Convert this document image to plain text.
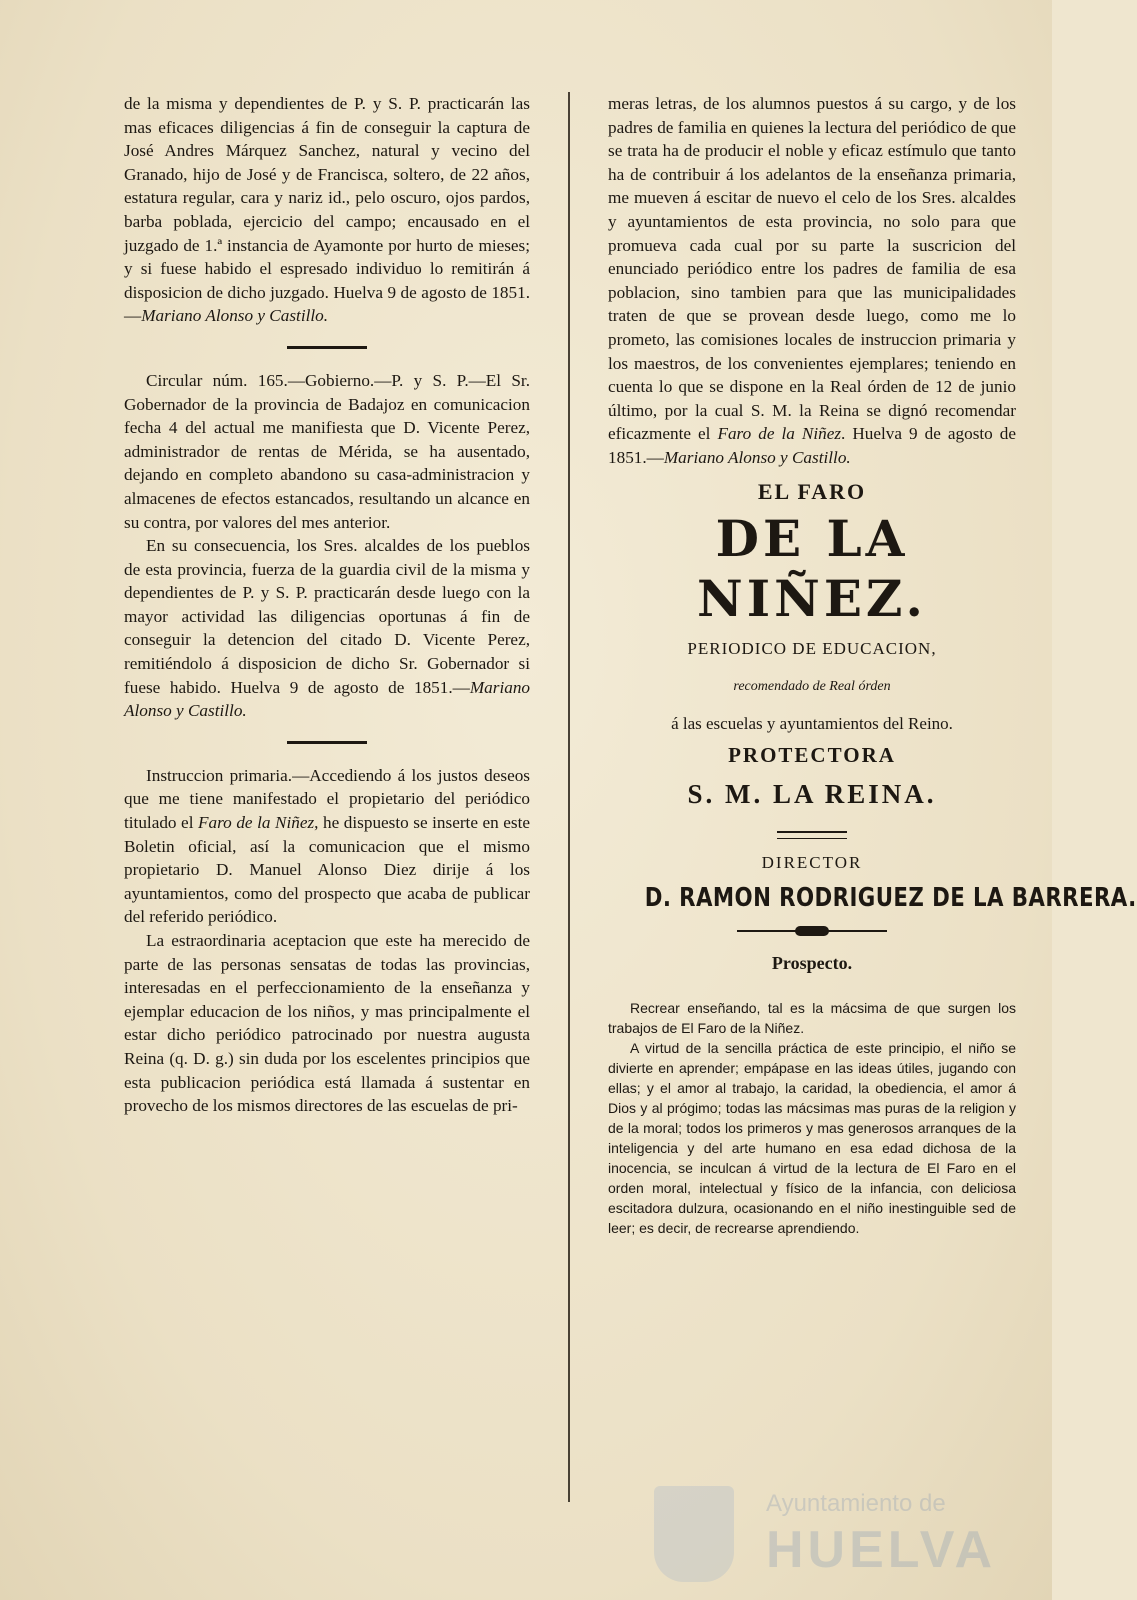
de la misma y dependientes de P. y S. P. practicarán las mas eficaces diligencias á fin de conseguir la captura de José Andres Márquez Sanchez, natural y vecino del Granado, hijo de José y de Francisca, soltero, de 22 años, estatura regular, cara y nariz id., pelo oscuro, ojos pardos, barba poblada, ejercicio del campo; encausado en el juzgado de 1.ª instancia de Ayamonte por hurto de mieses; y si fuese habido el espresado individuo lo remitirán á disposicion de dicho juzgado. Huelva 9 de agosto de 1851.—Mariano Alonso y Castillo.

Circular núm. 165.—Gobierno.—P. y S. P.—El Sr. Gobernador de la provincia de Badajoz en comunicacion fecha 4 del actual me manifiesta que D. Vicente Perez, administrador de rentas de Mérida, se ha ausentado, dejando en completo abandono su casa-administracion y almacenes de efectos estancados, resultando un alcance en su contra, por valores del mes anterior.

En su consecuencia, los Sres. alcaldes de los pueblos de esta provincia, fuerza de la guardia civil de la misma y dependientes de P. y S. P. practicarán desde luego con la mayor actividad las diligencias oportunas á fin de conseguir la detencion del citado D. Vicente Perez, remitiéndolo á disposicion de dicho Sr. Gobernador si fuese habido. Huelva 9 de agosto de 1851.—Mariano Alonso y Castillo.

Instruccion primaria.—Accediendo á los justos deseos que me tiene manifestado el propietario del periódico titulado el Faro de la Niñez, he dispuesto se inserte en este Boletin oficial, así la comunicacion que el mismo propietario D. Manuel Alonso Diez dirije á los ayuntamientos, como del prospecto que acaba de publicar del referido periódico.

La estraordinaria aceptacion que este ha merecido de parte de las personas sensatas de todas las provincias, interesadas en el perfeccionamiento de la enseñanza y ejemplar educacion de los niños, y mas principalmente el estar dicho periódico patrocinado por nuestra augusta Reina (q. D. g.) sin duda por los escelentes principios que esta publicacion periódica está llamada á sustentar en provecho de los mismos directores de las escuelas de pri-

meras letras, de los alumnos puestos á su cargo, y de los padres de familia en quienes la lectura del periódico de que se trata ha de producir el noble y eficaz estímulo que tanto ha de contribuir á los adelantos de la enseñanza primaria, me mueven á escitar de nuevo el celo de los Sres. alcaldes y ayuntamientos de esta provincia, no solo para que promueva cada cual por su parte la suscricion del enunciado periódico entre los padres de familia de esa poblacion, sino tambien para que las municipalidades traten de que se provean desde luego, como me lo prometo, las comisiones locales de instruccion primaria y los maestros, de los convenientes ejemplares; teniendo en cuenta lo que se dispone en la Real órden de 12 de junio último, por la cual S. M. la Reina se dignó recomendar eficazmente el Faro de la Niñez. Huelva 9 de agosto de 1851.—Mariano Alonso y Castillo.

EL FARO
DE LA NIÑEZ.
PERIODICO DE EDUCACION,
recomendado de Real órden
á las escuelas y ayuntamientos del Reino.
PROTECTORA
S. M. LA REINA.
DIRECTOR
D. RAMON RODRIGUEZ DE LA BARRERA.
Prospecto.

Recrear enseñando, tal es la mácsima de que surgen los trabajos de El Faro de la Niñez.

A virtud de la sencilla práctica de este principio, el niño se divierte en aprender; empápase en las ideas útiles, jugando con ellas; y el amor al trabajo, la caridad, la obediencia, el amor á Dios y al prógimo; todas las mácsimas mas puras de la religion y de la moral; todos los primeros y mas generosos arranques de la inteligencia y del arte humano en esa edad dichosa de la inocencia, se inculcan á virtud de la lectura de El Faro en el orden moral, intelectual y físico de la infancia, con deliciosa escitadora dulzura, ocasionando en el niño inestinguible sed de leer; es decir, de recrearse aprendiendo.

Ayuntamiento de
HUELVA
